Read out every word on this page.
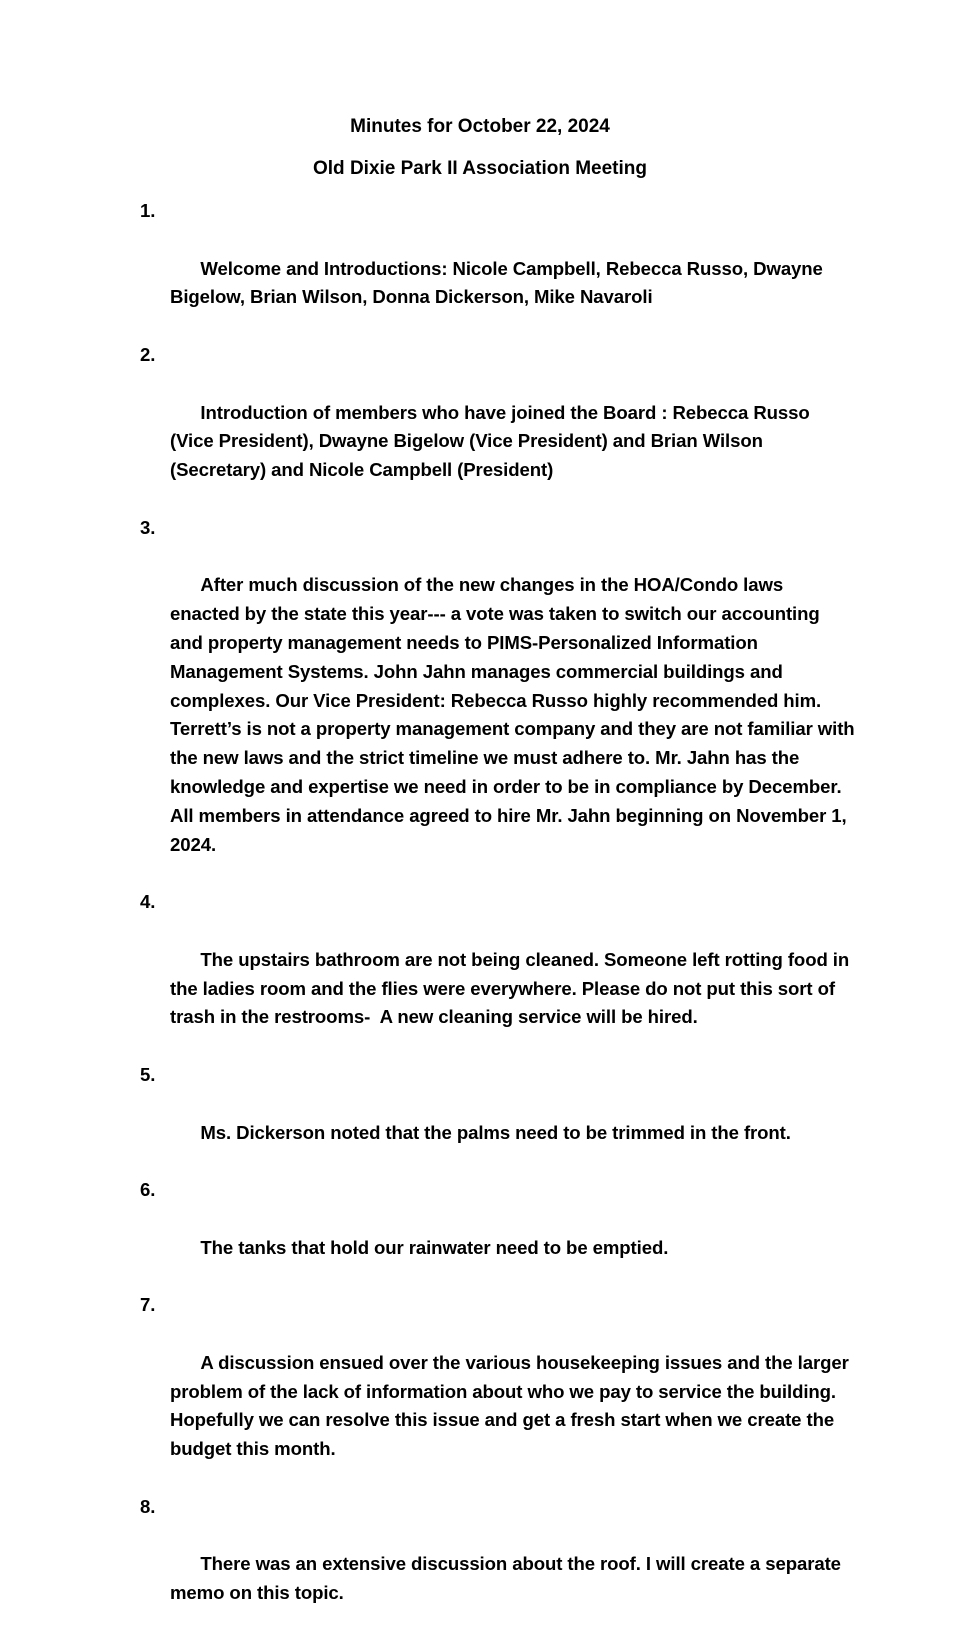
Minutes for October 22, 2024

Old Dixie Park II Association Meeting

1.

Welcome and Introductions: Nicole Campbell, Rebecca Russo, Dwayne Bigelow, Brian Wilson, Donna Dickerson, Mike Navaroli

2.

Introduction of members who have joined the Board : Rebecca Russo (Vice President), Dwayne Bigelow (Vice President) and Brian Wilson (Secretary) and Nicole Campbell (President)

3.

After much discussion of the new changes in the HOA/Condo laws enacted by the state this year--- a vote was taken to switch our accounting and property management needs to PIMS-Personalized Information Management Systems. John Jahn manages commercial buildings and complexes. Our Vice President: Rebecca Russo highly recommended him. Terrett’s is not a property management company and they are not familiar with the new laws and the strict timeline we must adhere to. Mr. Jahn has the knowledge and expertise we need in order to be in compliance by December. All members in attendance agreed to hire Mr. Jahn beginning on November 1, 2024.

4.

The upstairs bathroom are not being cleaned. Someone left rotting food in the ladies room and the flies were everywhere. Please do not put this sort of trash in the restrooms-  A new cleaning service will be hired.

5.

Ms. Dickerson noted that the palms need to be trimmed in the front.

6.

The tanks that hold our rainwater need to be emptied.

7.

A discussion ensued over the various housekeeping issues and the larger problem of the lack of information about who we pay to service the building. Hopefully we can resolve this issue and get a fresh start when we create the budget this month.

8.

There was an extensive discussion about the roof. I will create a separate memo on this topic.
